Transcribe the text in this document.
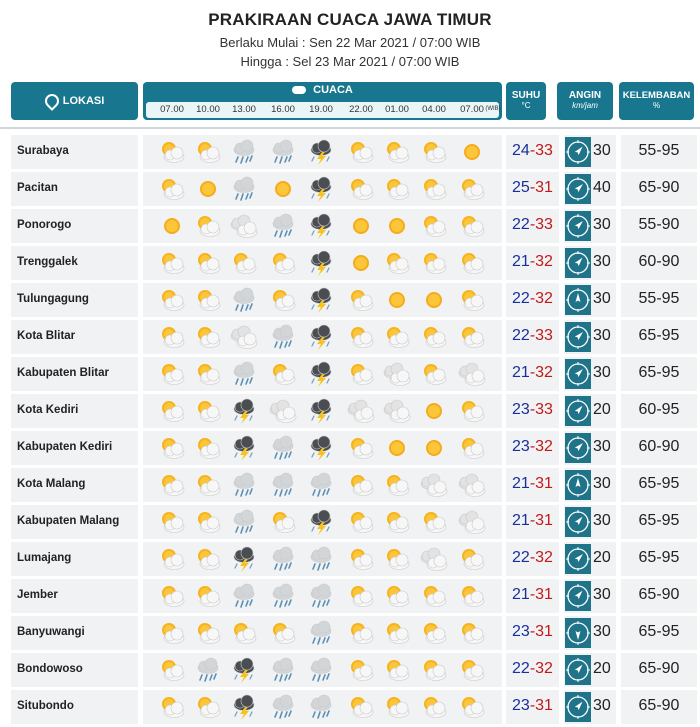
PRAKIRAAN CUACA JAWA TIMUR
Berlaku Mulai : Sen 22 Mar 2021 / 07:00 WIB
Hingga : Sel 23 Mar 2021 / 07:00 WIB
LOKASI
CUACA
07.00 10.00 13.00 16.00 19.00 22.00 01.00 04.00 07.00 (WIB)
SUHU
°C
ANGIN
km/jam
KELEMBABAN
%
Surabaya	24-33	30	55-95
Pacitan	25-31	40	65-90
Ponorogo	22-33	30	55-90
Trenggalek	21-32	30	60-90
Tulungagung	22-32	30	55-95
Kota Blitar	22-33	30	65-95
Kabupaten Blitar	21-32	30	65-95
Kota Kediri	23-33	20	60-95
Kabupaten Kediri	23-32	30	60-90
Kota Malang	21-31	30	65-95
Kabupaten Malang	21-31	30	65-95
Lumajang	22-32	20	65-95
Jember	21-31	30	65-90
Banyuwangi	23-31	30	65-95
Bondowoso	22-32	20	65-90
Situbondo	23-31	30	65-90
